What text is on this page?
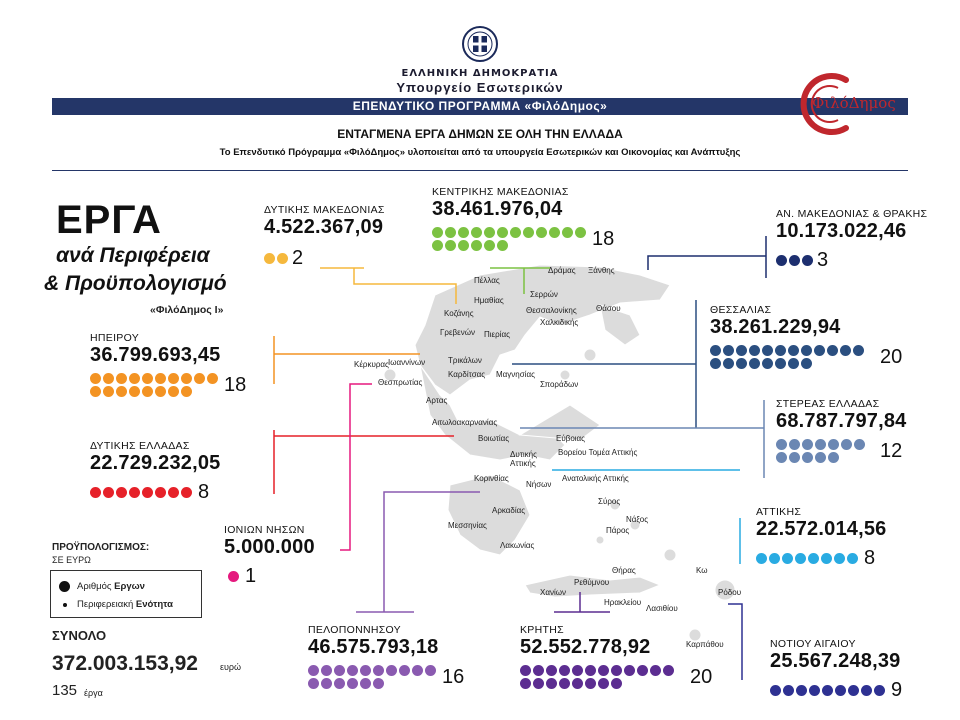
ΕΛΛΗΝΙΚΗ ΔΗΜΟΚΡΑΤΙΑ
Υπουργείο Εσωτερικών
ΕΠΕΝΔΥΤΙΚΟ ΠΡΟΓΡΑΜΜΑ «ΦιλόΔημος»
ΕΝΤΑΓΜΕΝΑ ΕΡΓΑ ΔΗΜΩΝ ΣΕ ΟΛΗ ΤΗΝ ΕΛΛΑΔΑ
Το Επενδυτικό Πρόγραμμα «ΦιλόΔημος» υλοποιείται από τα υπουργεία Εσωτερικών και Οικονομίας και Ανάπτυξης
ΦιλόΔημος
ΕΡΓΑ
ανά Περιφέρεια
& Προϋπολογισμό
«ΦιλόΔημος Ι»
Πέλλας
Δράμας Ξάνθης
Σερρών
Ημαθίας
Θεσσαλονίκης Θάσου
Κοζάνης
Χαλκιδικής
Γρεβενών Πιερίας
Ιωαννίνων	Τρικάλων
Κέρκυρας
Καρδίτσας Μαγνησίας
Θεσπρωτίας	Σποράδων
Αρτας
Αιτωλοακαρνανίας
Βοιωτίας	Εύβοιας
Δυτικής Αττικής
Βορείου Τομέα Αττικής
Κορινθίας
Νήσων
Ανατολικής Αττικής
Αρκαδίας
Σύρος
Νάξος
Μεσσηνίας
Πάρος
Λακωνίας
Θήρας	Κω
Ρεθύμνου
Ρόδου
Χανίων
Ηρακλείου
Λασιθίου
Καρπάθου
ΔΥΤΙΚΗΣ ΜΑΚΕΔΟΝΙΑΣ
4.522.367,09
2
ΚΕΝΤΡΙΚΗΣ ΜΑΚΕΔΟΝΙΑΣ
38.461.976,04
18
ΑΝ. ΜΑΚΕΔΟΝΙΑΣ & ΘΡΑΚΗΣ
10.173.022,46
3
ΗΠΕΙΡΟΥ
36.799.693,45
18
ΘΕΣΣΑΛΙΑΣ
38.261.229,94
20
ΔΥΤΙΚΗΣ ΕΛΛΑΔΑΣ
22.729.232,05
8
ΣΤΕΡΕΑΣ ΕΛΛΑΔΑΣ
68.787.797,84
12
ΙΟΝΙΩΝ ΝΗΣΩΝ
5.000.000
1
ΑΤΤΙΚΗΣ
22.572.014,56
8
ΠΕΛΟΠΟΝΝΗΣΟΥ
46.575.793,18
16
ΚΡΗΤΗΣ
52.552.778,92
20
ΝΟΤΙΟΥ ΑΙΓΑΙΟΥ
25.567.248,39
9
ΠΡΟΫΠΟΛΟΓΙΣΜΟΣ:
ΣΕ ΕΥΡΩ
Αριθμός Εργων
Περιφερειακή Ενότητα
ΣΥΝΟΛΟ
372.003.153,92 ευρώ
135 έργα
